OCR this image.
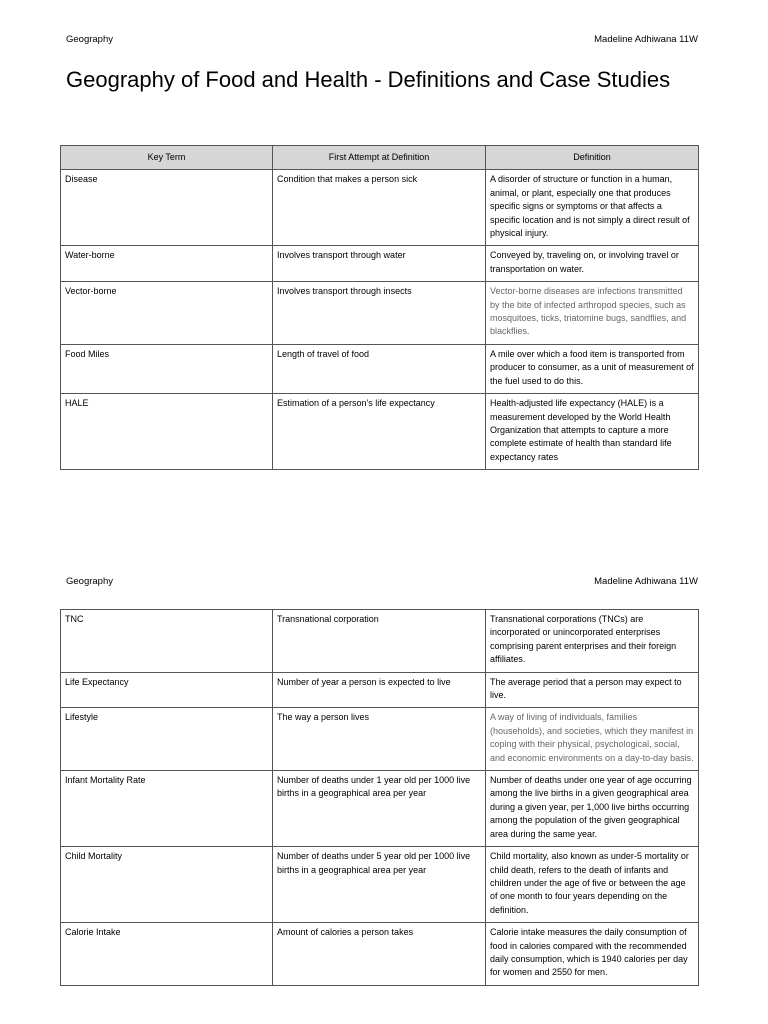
Geography	Madeline Adhiwana 11W
Geography of Food and Health - Definitions and Case Studies
Key Term	First Attempt at Definition	Definition
Disease	Condition that makes a person sick	A disorder of structure or function in a human, animal, or plant, especially one that produces specific signs or symptoms or that affects a specific location and is not simply a direct result of physical injury.
Water-borne	Involves transport through water	Conveyed by, traveling on, or involving travel or transportation on water.
Vector-borne	Involves transport through insects	Vector-borne diseases are infections transmitted by the bite of infected arthropod species, such as mosquitoes, ticks, triatomine bugs, sandflies, and blackflies.
Food Miles	Length of travel of food	A mile over which a food item is transported from producer to consumer, as a unit of measurement of the fuel used to do this.
HALE	Estimation of a person's life expectancy	Health-adjusted life expectancy (HALE) is a measurement developed by the World Health Organization that attempts to capture a more complete estimate of health than standard life expectancy rates
Geography	Madeline Adhiwana 11W
TNC	Transnational corporation	Transnational corporations (TNCs) are incorporated or unincorporated enterprises comprising parent enterprises and their foreign affiliates.
Life Expectancy	Number of year a person is expected to live	The average period that a person may expect to live.
Lifestyle	The way a person lives	A way of living of individuals, families (households), and societies, which they manifest in coping with their physical, psychological, social, and economic environments on a day-to-day basis.
Infant Mortality Rate	Number of deaths under 1 year old per 1000 live births in a geographical area per year	Number of deaths under one year of age occurring among the live births in a given geographical area during a given year, per 1,000 live births occurring among the population of the given geographical area during the same year.
Child Mortality	Number of deaths under 5 year old per 1000 live births in a geographical area per year	Child mortality, also known as under-5 mortality or child death, refers to the death of infants and children under the age of five or between the age of one month to four years depending on the definition.
Calorie Intake	Amount of calories a person takes	Calorie intake measures the daily consumption of food in calories compared with the recommended daily consumption, which is 1940 calories per day for women and 2550 for men.
